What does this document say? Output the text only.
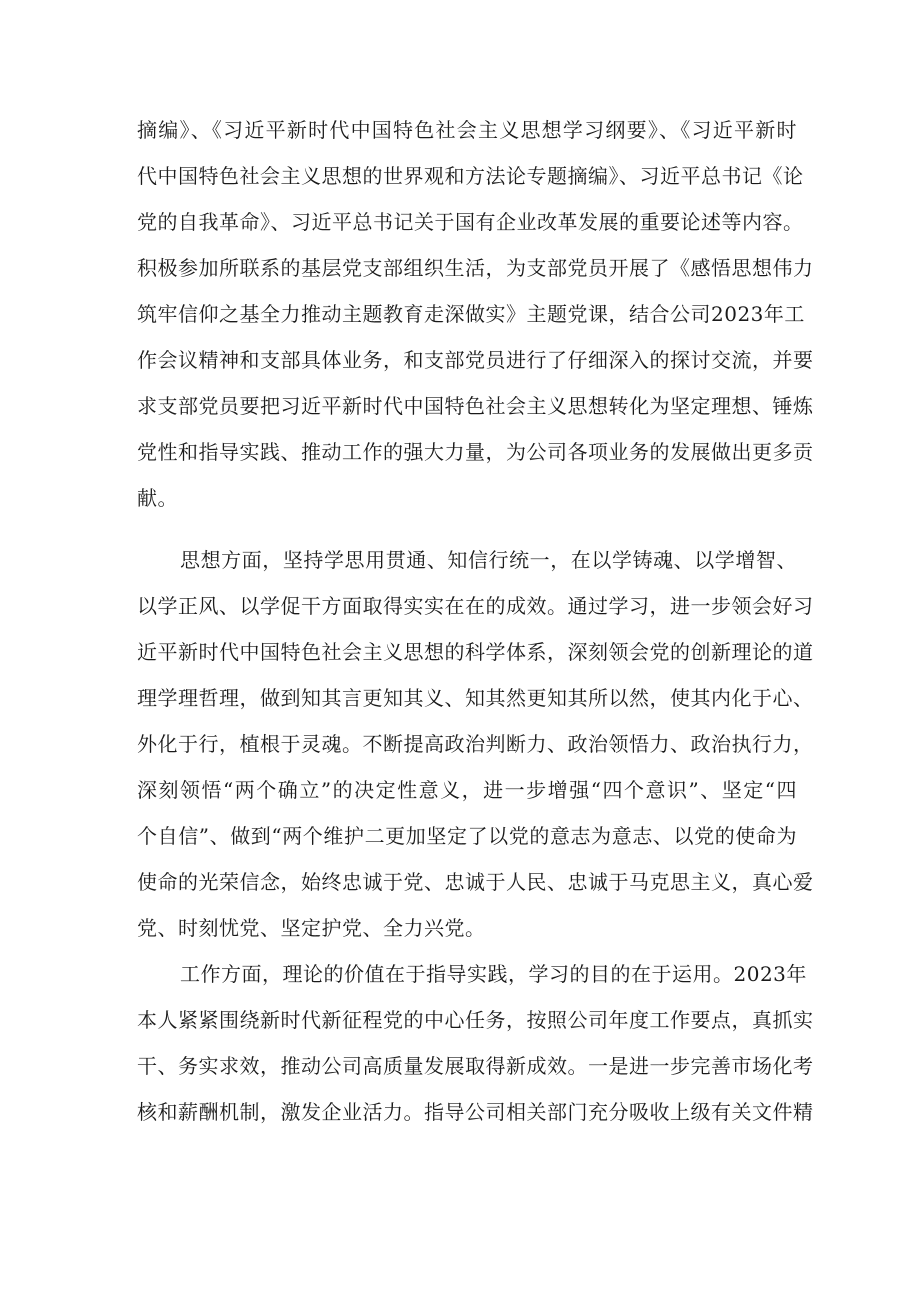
摘编》、《习近平新时代中国特色社会主义思想学习纲要》、《习近平新时
代中国特色社会主义思想的世界观和方法论专题摘编》、习近平总书记《论
党的自我革命》、习近平总书记关于国有企业改革发展的重要论述等内容。
积极参加所联系的基层党支部组织生活，为支部党员开展了《感悟思想伟力
筑牢信仰之基全力推动主题教育走深做实》主题党课，结合公司2023年工
作会议精神和支部具体业务，和支部党员进行了仔细深入的探讨交流，并要
求支部党员要把习近平新时代中国特色社会主义思想转化为坚定理想、锤炼
党性和指导实践、推动工作的强大力量，为公司各项业务的发展做出更多贡
献。
思想方面，坚持学思用贯通、知信行统一，在以学铸魂、以学增智、
以学正风、以学促干方面取得实实在在的成效。通过学习，进一步领会好习
近平新时代中国特色社会主义思想的科学体系，深刻领会党的创新理论的道
理学理哲理，做到知其言更知其义、知其然更知其所以然，使其内化于心、
外化于行，植根于灵魂。不断提高政治判断力、政治领悟力、政治执行力，
深刻领悟“两个确立”的决定性意义，进一步增强“四个意识”、坚定“四
个自信”、做到“两个维护二更加坚定了以党的意志为意志、以党的使命为
使命的光荣信念，始终忠诚于党、忠诚于人民、忠诚于马克思主义，真心爱
党、时刻忧党、坚定护党、全力兴党。
工作方面，理论的价值在于指导实践，学习的目的在于运用。2023年
本人紧紧围绕新时代新征程党的中心任务，按照公司年度工作要点，真抓实
干、务实求效，推动公司高质量发展取得新成效。一是进一步完善市场化考
核和薪酬机制，激发企业活力。指导公司相关部门充分吸收上级有关文件精
